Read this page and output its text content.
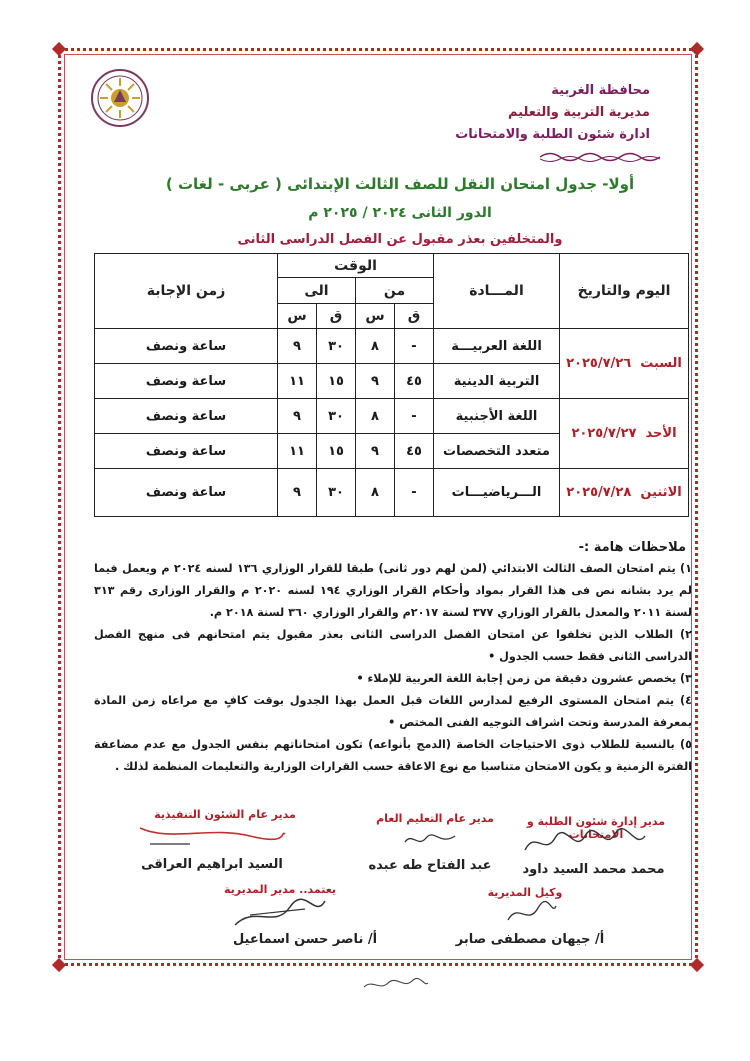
محافظة الغربية
مديرية التربية والتعليم
ادارة شئون الطلبة والامتحانات
أولا- جدول امتحان النقل للصف الثالث الإبتدائى ( عربى - لغات )
الدور الثانى ٢٠٢٤ / ٢٠٢٥ م
والمتخلفين بعذر مقبول عن الفصل الدراسى الثانى
اليوم والتاريخ	المـــادة	الوقت				زمن الإجابة
		من		الى		
		ق	س	ق	س	
السبت  ٢٠٢٥/٧/٢٦	اللغة العربيـــة	-	٨	٣٠	٩	ساعة ونصف
	التربية الدينية	٤٥	٩	١٥	١١	ساعة ونصف
الأحد  ٢٠٢٥/٧/٢٧	اللغة الأجنبية	-	٨	٣٠	٩	ساعة ونصف
	متعدد التخصصات	٤٥	٩	١٥	١١	ساعة ونصف
الاثنين  ٢٠٢٥/٧/٢٨	الـــرياضيـــات	-	٨	٣٠	٩	ساعة ونصف
ملاحظات هامة :-

١) يتم امتحان الصف الثالث الابتدائي (لمن لهم دور ثانى) طبقا للقرار الوزاري ١٣٦ لسنه ٢٠٢٤ م ويعمل فيما لم يرد بشانه نص فى هذا القرار بمواد وأحكام القرار الوزاري ١٩٤ لسنه ٢٠٢٠ م والقرار الوزارى رقم ٣١٣ لسنة ٢٠١١ والمعدل بالقرار الوزاري ٣٧٧ لسنة ٢٠١٧م والقرار الوزاري ٣٦٠ لسنة ٢٠١٨ م.

٢) الطلاب الذين تخلفوا عن امتحان الفصل الدراسى الثانى بعذر مقبول يتم امتحانهم فى منهج الفصل الدراسى الثانى فقط حسب الجدول •

٣) يخصص عشرون دقيقة من زمن إجابة اللغة العربية للإملاء •

٤) يتم امتحان المستوى الرفيع لمدارس اللغات قبل العمل بهذا الجدول بوقت كافٍ مع مراعاه زمن المادة بمعرفة المدرسة وتحت اشراف التوجيه الفنى المختص •

٥) بالنسبة للطلاب ذوى الاحتياجات الخاصة (الدمج بأنواعه) تكون امتحاناتهم بنفس الجدول مع عدم مضاعفة الفترة الزمنية و يكون الامتحان متناسبا مع نوع الاعاقة حسب القرارات الوزارية والتعليمات المنظمة لذلك .

مدير إدارة شئون الطلبة و الامتحانات
محمد محمد السيد داود
مدير عام التعليم العام
عبد الفتاح طه عبده
مدير عام الشئون التنفيذية
السيد ابراهيم العراقى
وكيل المديرية
أ/ جيهان مصطفى صابر
يعتمد.. مدير المديرية
أ/ ناصر حسن اسماعيل
